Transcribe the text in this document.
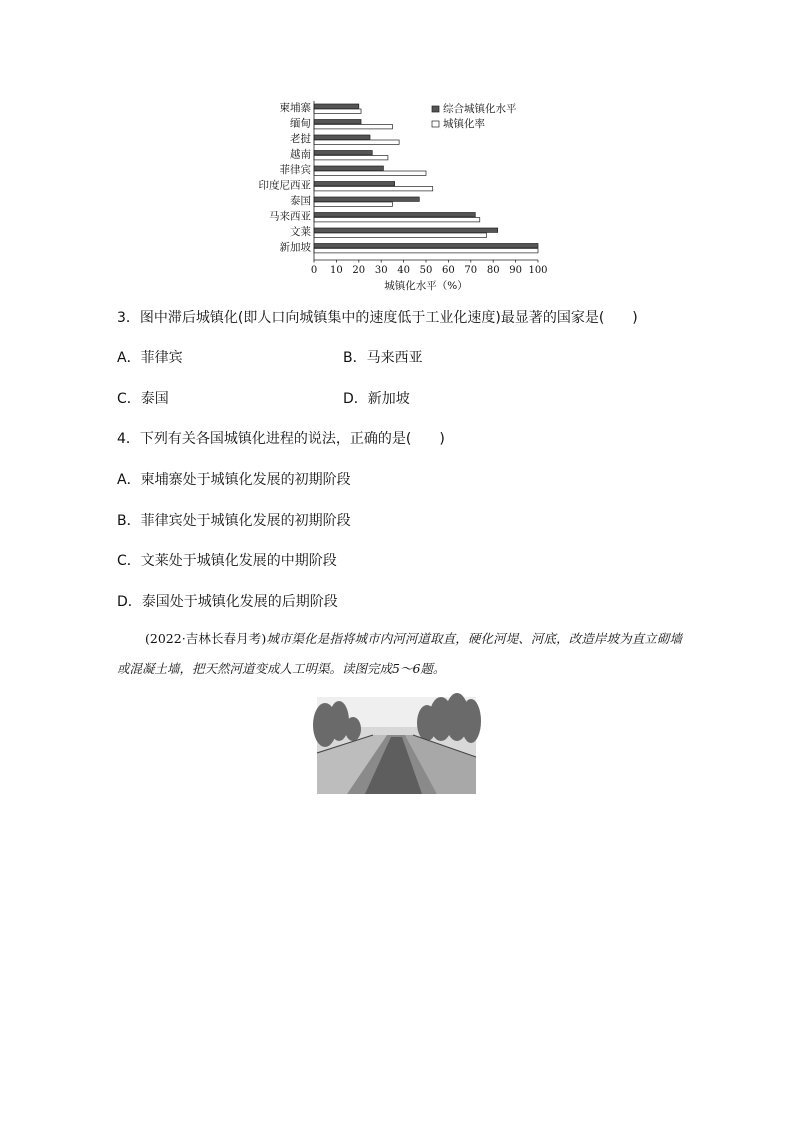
柬埔寨
缅甸
老挝
越南
菲律宾
印度尼西亚
泰国
马来西亚
文莱
新加坡
0 10 20 30 40 50 60 70 80 90 100
城镇化水平（%）
综合城镇化水平
城镇化率
3．图中滞后城镇化(即人口向城镇集中的速度低于工业化速度)最显著的国家是(　　)
A．菲律宾	B．马来西亚
C．泰国	D．新加坡
4．下列有关各国城镇化进程的说法，正确的是(　　)
A．柬埔寨处于城镇化发展的初期阶段
B．菲律宾处于城镇化发展的初期阶段
C．文莱处于城镇化发展的中期阶段
D．泰国处于城镇化发展的后期阶段
(2022·吉林长春月考)城市渠化是指将城市内河河道取直，硬化河堤、河底，改造岸坡为直立砌墙或混凝土墙，把天然河道变成人工明渠。读图完成5～6题。
